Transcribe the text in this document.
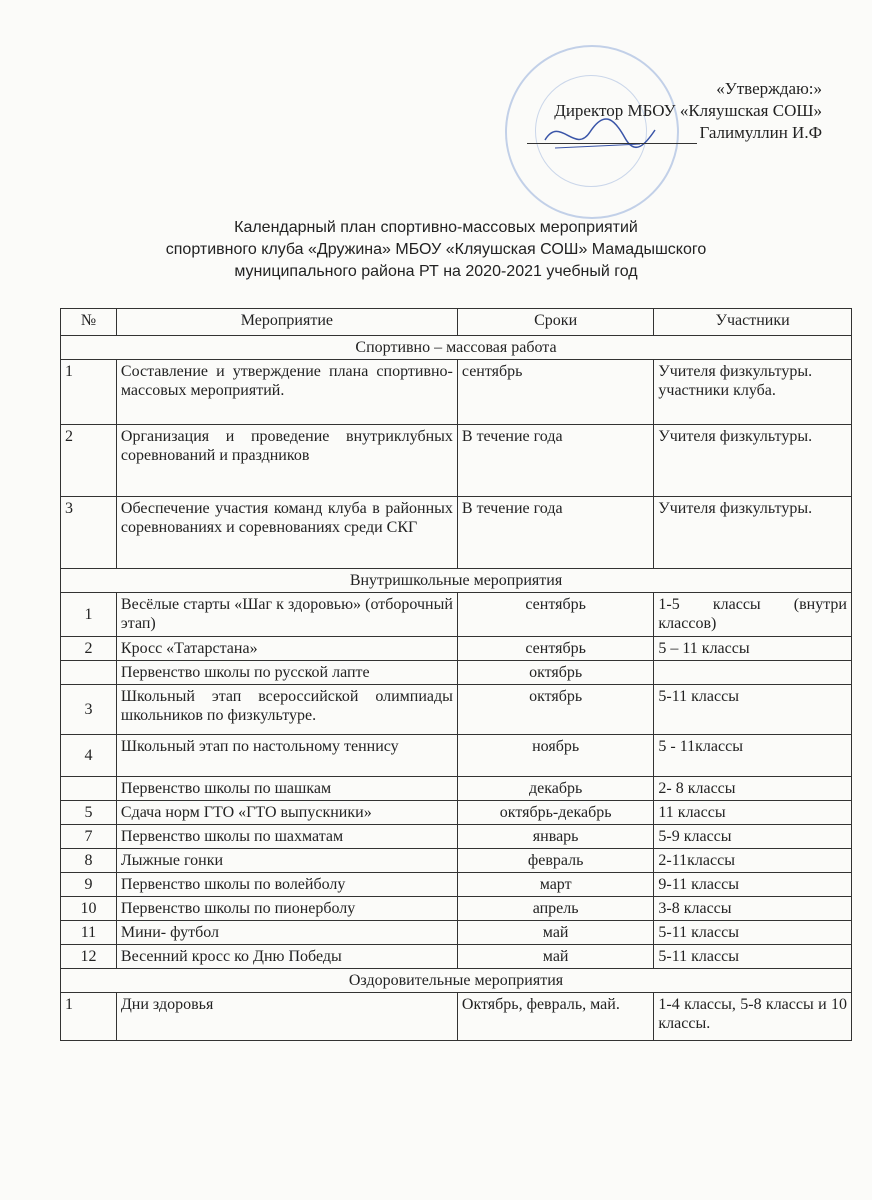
«Утверждаю:»
Директор МБОУ «Кляушская СОШ»
Галимуллин И.Ф
Календарный план спортивно-массовых мероприятий
спортивного клуба «Дружина» МБОУ «Кляушская СОШ» Мамадышского
муниципального района РТ на 2020-2021 учебный год
№	Мероприятие	Сроки	Участники
Спортивно – массовая работа			
1	Составление и утверждение плана спортивно-массовых мероприятий.	сентябрь	Учителя физкультуры. участники клуба.
2	Организация и проведение внутриклубных соревнований и праздников	В течение года	Учителя физкультуры.
3	Обеспечение участия команд клуба в районных соревнованиях и соревнованиях среди СКГ	В течение года	Учителя физкультуры.
Внутришкольные мероприятия			
1	Весёлые старты «Шаг к здоровью» (отборочный этап)	сентябрь	1-5 классы (внутри классов)
2	Кросс «Татарстана»	сентябрь	5 – 11 классы
	Первенство школы по русской лапте	октябрь	
3	Школьный этап всероссийской олимпиады школьников по физкультуре.	октябрь	5-11 классы
4	Школьный этап по настольному теннису	ноябрь	5 - 11классы
	Первенство школы по шашкам	декабрь	2- 8 классы
5	Сдача норм ГТО «ГТО выпускники»	октябрь-декабрь	11 классы
7	Первенство школы по шахматам	январь	5-9 классы
8	Лыжные гонки	февраль	2-11классы
9	Первенство школы по волейболу	март	9-11 классы
10	Первенство школы по пионерболу	апрель	3-8 классы
11	Мини- футбол	май	5-11 классы
12	Весенний кросс ко Дню Победы	май	5-11 классы
Оздоровительные мероприятия			
1	Дни здоровья	Октябрь, февраль, май.	1-4 классы, 5-8 классы и 10 классы.
